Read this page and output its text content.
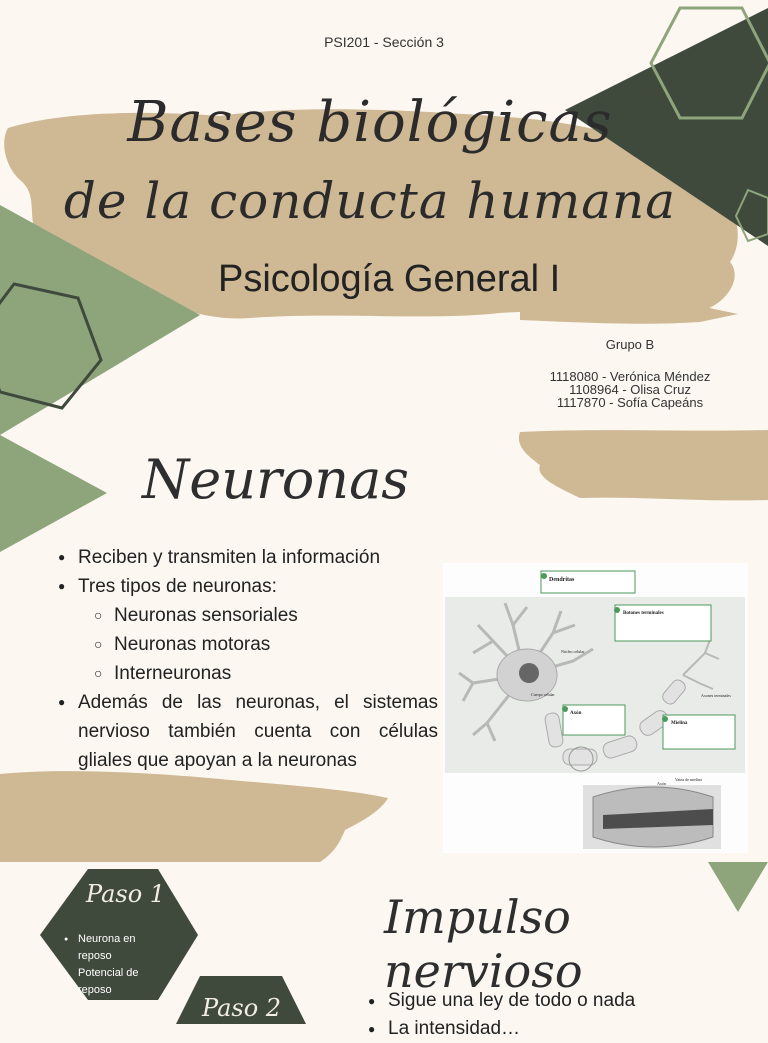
PSI201 - Sección 3
Bases biológicas
de la conducta humana
Psicología General I
Grupo B
1118080 - Verónica Méndez
1108964 - Olisa Cruz
1117870 - Sofía Capeáns
Neuronas
● Reciben y transmiten la información
● Tres tipos de neuronas:
○ Neuronas sensoriales
○ Neuronas motoras
○ Interneuronas
● Además de las neuronas, el sistemas nervioso también cuenta con células gliales que apoyan a la neuronas
Dendritas
Botones terminales
Axón
Mielina
Núcleo celular
Cuerpo celular	Axones terminales
Vaina de mielina
Axón
Paso 1
● Neurona en reposo
● Potencial de reposo
Paso 2
Impulso nervioso
● Sigue una ley de todo o nada
● La intensidad…
